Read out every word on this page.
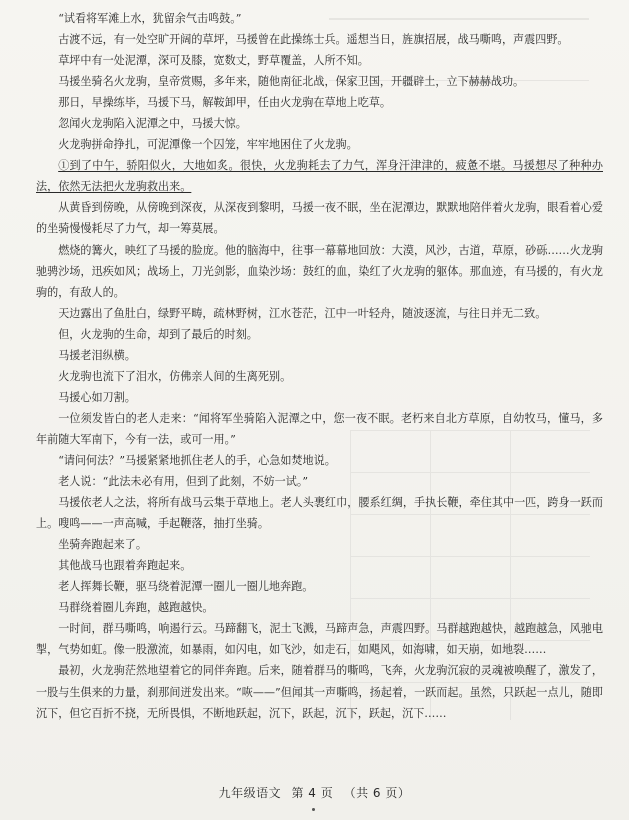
“试看将军滩上水，犹留余气击鸣鼓。”

古渡不远，有一处空旷开阔的草坪，马援曾在此操练士兵。遥想当日，旌旗招展，战马嘶鸣，声震四野。

草坪中有一处泥潭，深可及膝，宽数丈，野草覆盖，人所不知。

马援坐骑名火龙驹，皇帝赏赐，多年来，随他南征北战，保家卫国，开疆辟土，立下赫赫战功。

那日，早操练毕，马援下马，解鞍卸甲，任由火龙驹在草地上吃草。

忽闻火龙驹陷入泥潭之中，马援大惊。

火龙驹拼命挣扎，可泥潭像一个囚笼，牢牢地困住了火龙驹。

①到了中午，骄阳似火，大地如炙。很快，火龙驹耗去了力气，浑身汗津津的，疲惫不堪。马援想尽了种种办法，依然无法把火龙驹救出来。

从黄昏到傍晚，从傍晚到深夜，从深夜到黎明，马援一夜不眠，坐在泥潭边，默默地陪伴着火龙驹，眼看着心爱的坐骑慢慢耗尽了力气，却一筹莫展。

燃烧的篝火，映红了马援的脸庞。他的脑海中，往事一幕幕地回放：大漠，风沙，古道，草原，砂砾……火龙驹驰骋沙场，迅疾如风；战场上，刀光剑影，血染沙场：鼓红的血，染红了火龙驹的躯体。那血迹，有马援的，有火龙驹的，有敌人的。

天边露出了鱼肚白，绿野平畴，疏林野树，江水苍茫，江中一叶轻舟，随波逐流，与往日并无二致。

但，火龙驹的生命，却到了最后的时刻。

马援老泪纵横。

火龙驹也流下了泪水，仿佛亲人间的生离死别。

马援心如刀割。

一位须发皆白的老人走来：“闻将军坐骑陷入泥潭之中，您一夜不眠。老朽来自北方草原，自幼牧马，懂马，多年前随大军南下，今有一法，或可一用。”

“请问何法？”马援紧紧地抓住老人的手，心急如焚地说。

老人说：“此法未必有用，但到了此刻，不妨一试。”

马援依老人之法，将所有战马云集于草地上。老人头裹红巾，腰系红绸，手执长鞭，牵住其中一匹，跨身一跃而上。嗖鸣——一声高喊，手起鞭落，抽打坐骑。

坐骑奔跑起来了。

其他战马也跟着奔跑起来。

老人挥舞长鞭，驱马绕着泥潭一圈儿一圈儿地奔跑。

马群绕着圈儿奔跑，越跑越快。

一时间，群马嘶鸣，响遏行云。马蹄翻飞，泥土飞溅，马蹄声急，声震四野。马群越跑越快，越跑越急，风驰电掣，气势如虹。像一股激流，如暴雨，如闪电，如飞沙，如走石，如飓风，如海啸，如天崩，如地裂……

最初，火龙驹茫然地望着它的同伴奔跑。后来，随着群马的嘶鸣，飞奔，火龙驹沉寂的灵魂被唤醒了，激发了，一股与生俱来的力量，刹那间迸发出来。“咴——”但闻其一声嘶鸣，扬起着，一跃而起。虽然，只跃起一点儿，随即沉下，但它百折不挠，无所畏惧，不断地跃起，沉下，跃起，沉下，跃起，沉下……

九年级语文 第 4 页 （共 6 页）
